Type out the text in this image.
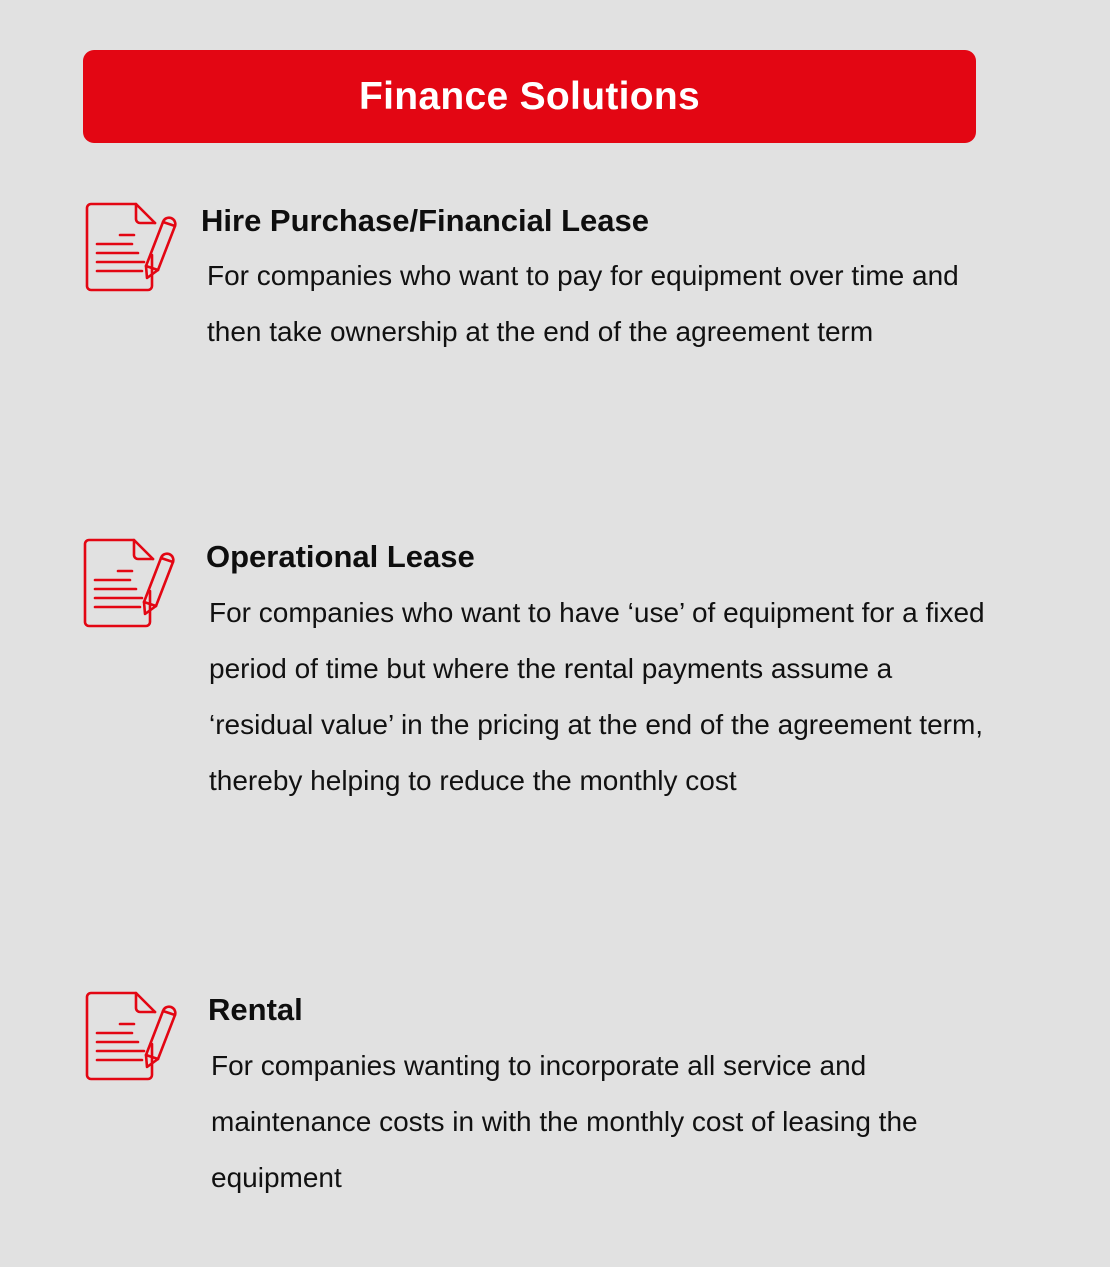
Finance Solutions
Hire Purchase/Financial Lease
For companies who want to pay for equipment over time and then take ownership at the end of the agreement term
Operational Lease
For companies who want to have ‘use’ of equipment for a fixed period of time but where the rental payments assume a ‘residual value’ in the pricing at the end of the agreement term, thereby helping to reduce the monthly cost
Rental
For companies wanting to incorporate all service and maintenance costs in with the monthly cost of leasing the equipment
